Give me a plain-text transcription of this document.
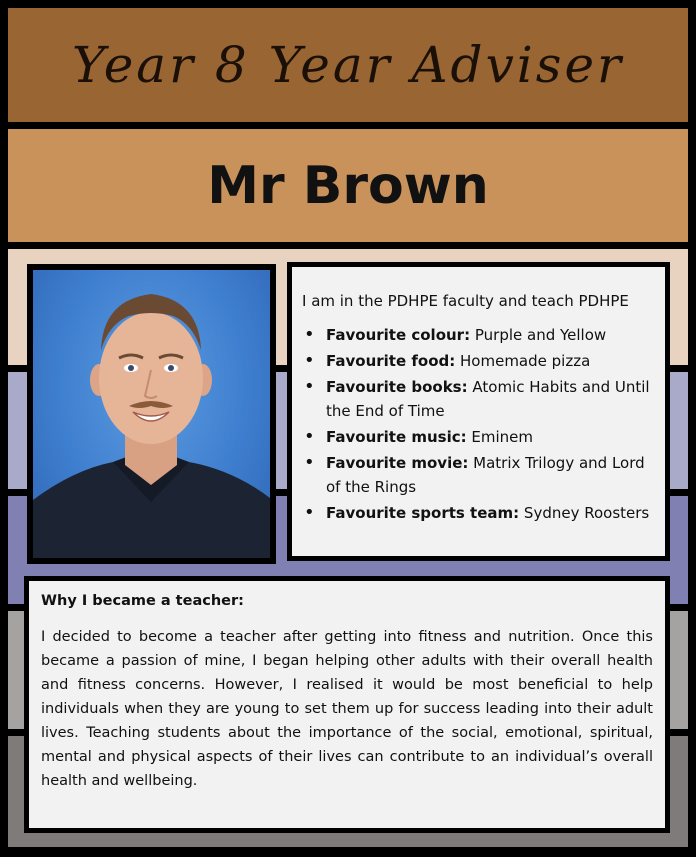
Year 8 Year Adviser
Mr Brown

I am in the PDHPE faculty and teach PDHPE

• Favourite colour: Purple and Yellow
• Favourite food: Homemade pizza
• Favourite books: Atomic Habits and Until the End of Time
• Favourite music: Eminem
• Favourite movie: Matrix Trilogy and Lord of the Rings
• Favourite sports team: Sydney Roosters

Why I became a teacher:

I decided to become a teacher after getting into fitness and nutrition. Once this became a passion of mine, I began helping other adults with their overall health and fitness concerns. However, I realised it would be most beneficial to help individuals when they are young to set them up for success leading into their adult lives. Teaching students about the importance of the social, emotional, spiritual, mental and physical aspects of their lives can contribute to an individual’s overall health and wellbeing.
